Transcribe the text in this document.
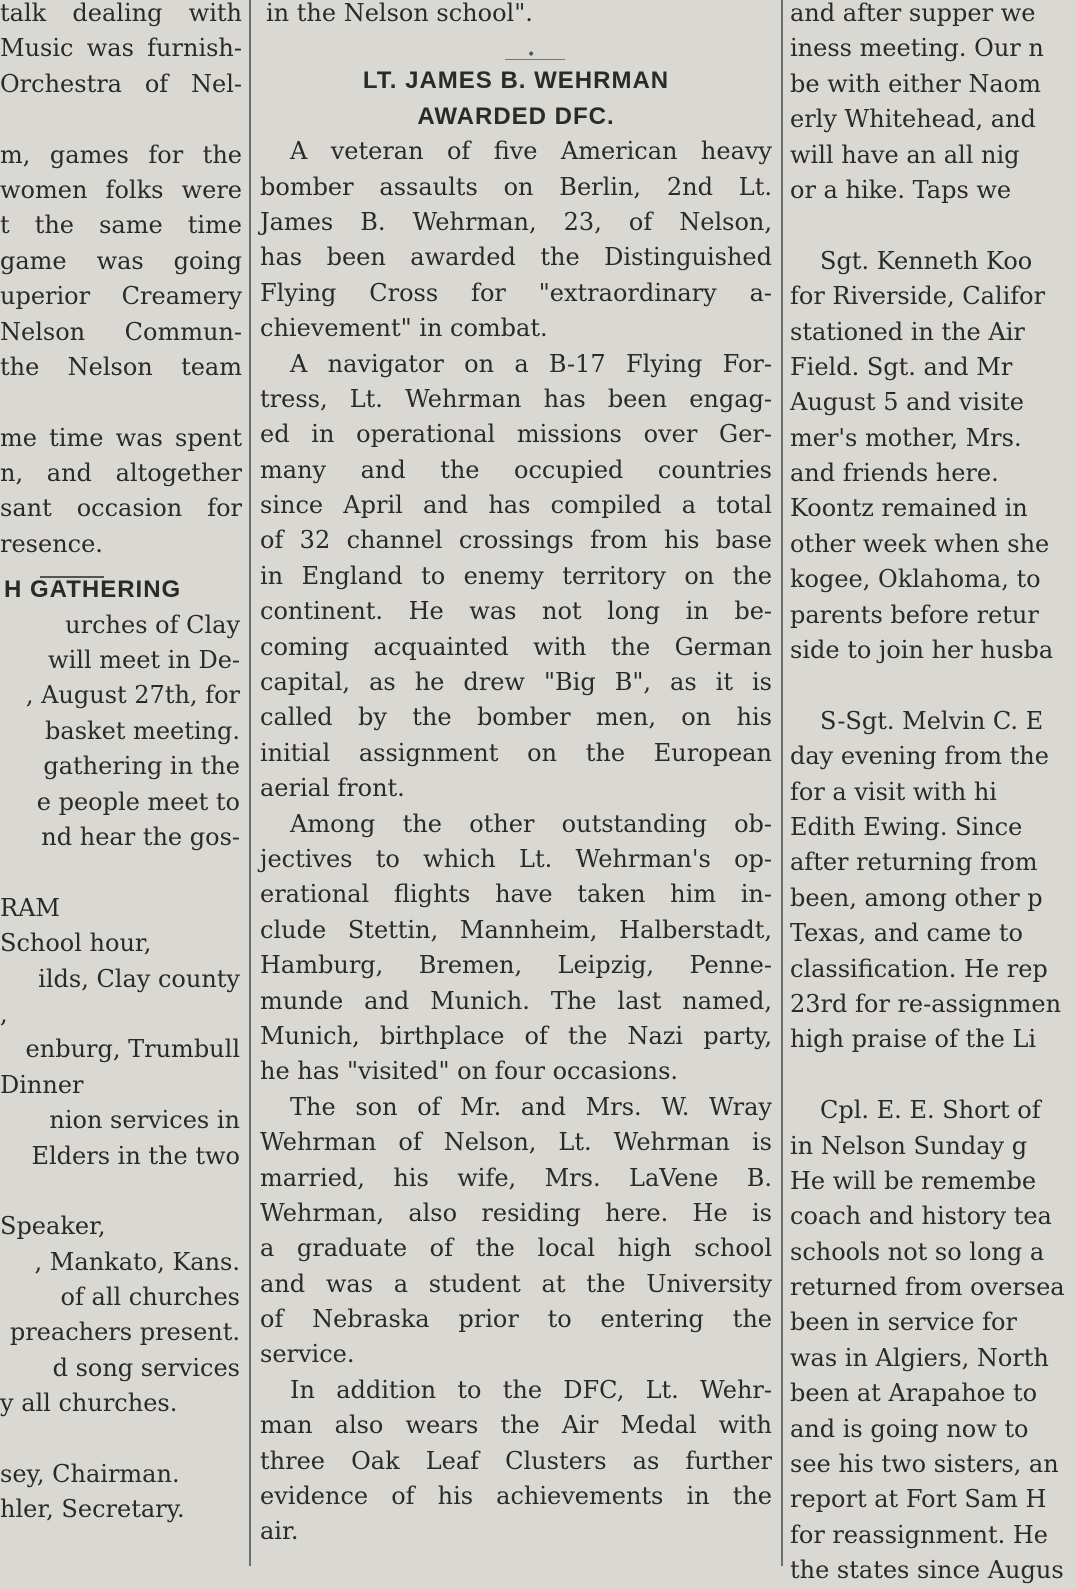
talk dealing with
Music was furnish-
Orchestra of Nel-
m, games for the
women folks were
t the same time
game was going
uperior Creamery
Nelson Commun-
the Nelson team
me time was spent
n, and altogether
sant occasion for
resence.
H GATHERING
urches of Clay
will meet in De-
, August 27th, for
basket meeting.
gathering in the
e people meet to
nd hear the gos-
RAM
School hour,
ilds, Clay county
,
enburg, Trumbull
Dinner
nion services in
Elders in the two
Speaker,
, Mankato, Kans.
of all churches
preachers present.
d song services
y all churches.
sey, Chairman.
hler, Secretary.
in the Nelson school".
LT. JAMES B. WEHRMAN
AWARDED DFC.
A veteran of five American heavy
bomber assaults on Berlin, 2nd Lt.
James B. Wehrman, 23, of Nelson,
has been awarded the Distinguished
Flying Cross for "extraordinary a-
chievement" in combat.
A navigator on a B-17 Flying For-
tress, Lt. Wehrman has been engag-
ed in operational missions over Ger-
many and the occupied countries
since April and has compiled a total
of 32 channel crossings from his base
in England to enemy territory on the
continent. He was not long in be-
coming acquainted with the German
capital, as he drew "Big B", as it is
called by the bomber men, on his
initial assignment on the European
aerial front.
Among the other outstanding ob-
jectives to which Lt. Wehrman's op-
erational flights have taken him in-
clude Stettin, Mannheim, Halberstadt,
Hamburg, Bremen, Leipzig, Penne-
munde and Munich. The last named,
Munich, birthplace of the Nazi party,
he has "visited" on four occasions.
The son of Mr. and Mrs. W. Wray
Wehrman of Nelson, Lt. Wehrman is
married, his wife, Mrs. LaVene B.
Wehrman, also residing here. He is
a graduate of the local high school
and was a student at the University
of Nebraska prior to entering the
service.
In addition to the DFC, Lt. Wehr-
man also wears the Air Medal with
three Oak Leaf Clusters as further
evidence of his achievements in the
air.
•
and after supper we
iness meeting. Our n
be with either Naom
erly Whitehead, and
will have an all nig
or a hike. Taps we
Sgt. Kenneth Koo
for Riverside, Califor
stationed in the Air
Field. Sgt. and Mr
August 5 and visite
mer's mother, Mrs.
and friends here.
Koontz remained in
other week when she
kogee, Oklahoma, to
parents before retur
side to join her husba
S-Sgt. Melvin C. E
day evening from the
for a visit with hi
Edith Ewing. Since
after returning from
been, among other p
Texas, and came to
classification. He rep
23rd for re-assignmen
high praise of the Li
Cpl. E. E. Short of
in Nelson Sunday g
He will be remembe
coach and history tea
schools not so long a
returned from oversea
been in service for
was in Algiers, North
been at Arapahoe to
and is going now to
see his two sisters, an
report at Fort Sam H
for reassignment. He
the states since Augus
